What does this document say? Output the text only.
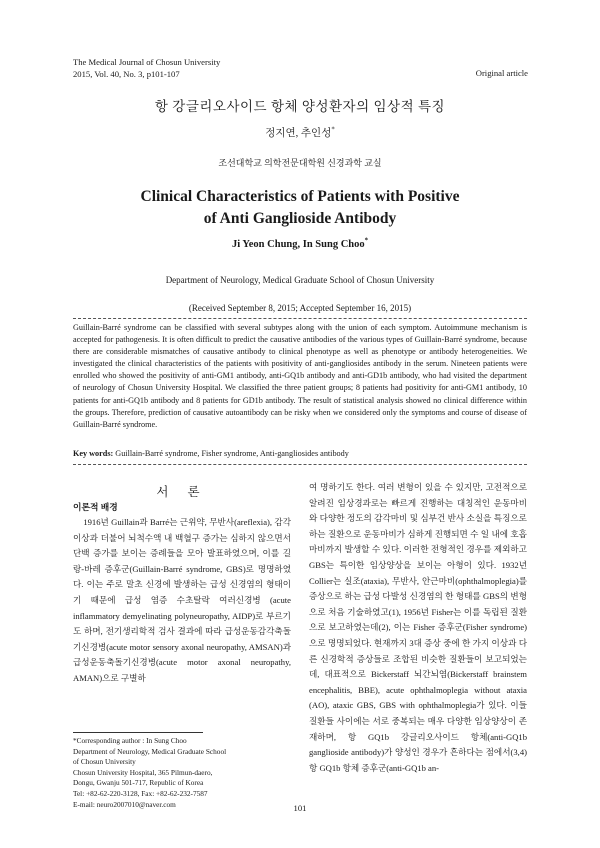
The Medical Journal of Chosun University
2015, Vol. 40, No. 3, p101-107	Original article
항 강글리오사이드 항체 양성환자의 임상적 특징
정지연, 추인성*
조선대학교 의학전문대학원 신경과학 교실
Clinical Characteristics of Patients with Positive
of Anti Ganglioside Antibody
Ji Yeon Chung, In Sung Choo*
Department of Neurology, Medical Graduate School of Chosun University
(Received September 8, 2015; Accepted September 16, 2015)

Guillain-Barré syndrome can be classified with several subtypes along with the union of each symptom. Autoimmune mechanism is accepted for pathogenesis. It is often difficult to predict the causative antibodies of the various types of Guillain-Barré syndrome, because there are considerable mismatches of causative antibody to clinical phenotype as well as phenotype or antibody heterogeneities. We investigated the clinical characteristics of the patients with positivity of anti-gangliosides antibody in the serum. Nineteen patients were enrolled who showed the positivity of anti-GM1 antibody, anti-GQ1b antibody and anti-GD1b antibody, who had visited the department of neurology of Chosun University Hospital. We classified the three patient groups; 8 patients had positivity for anti-GM1 antibody, 10 patients for anti-GQ1b antibody and 8 patients for GD1b antibody. The result of statistical analysis showed no clinical difference within the groups. Therefore, prediction of causative autoantibody can be risky when we considered only the symptoms and course of disease of Guillain-Barré syndrome.

Key words: Guillain-Barré syndrome, Fisher syndrome, Anti-gangliosides antibody
서 론
이론적 배경

1916년 Guillain과 Barré는 근위약, 무반사(areflexia), 감각이상과 더불어 뇌척수액 내 백혈구 증가는 심하지 않으면서 단백 증가를 보이는 증례들을 모아 발표하였으며, 이를 길랑-바레 증후군(Guillain-Barré syndrome, GBS)로 명명하였다. 이는 주로 말초 신경에 발생하는 급성 신경염의 형태이기 때문에 급성 염증 수초탈락 여러신경병 (acute inflammatory demyelinating polyneuropathy, AIDP)로 부르기도 하며, 전기생리학적 검사 결과에 따라 급성운동감각축돌기신경병(acute motor sensory axonal neuropathy, AMSAN)과 급성운동축돌기신경병(acute motor axonal neuropathy, AMAN)으로 구별하

여 명하기도 한다. 여러 변형이 있을 수 있지만, 고전적으로 알려진 임상경과로는 빠르게 진행하는 대칭적인 운동마비와 다양한 정도의 감각마비 및 심부건 반사 소실을 특징으로 하는 질환으로 운동마비가 심하게 진행되면 수 일 내에 호흡마비까지 발생할 수 있다. 이러한 전형적인 경우를 제외하고 GBS는 특이한 임상양상을 보이는 아형이 있다. 1932년 Collier는 실조(ataxia), 무반사, 안근마비(ophthalmoplegia)를 증상으로 하는 급성 다발성 신경염의 한 형태를 GBS의 변형으로 처음 기술하였고(1), 1956년 Fisher는 이를 독립된 질환으로 보고하였는데(2), 이는 Fisher 증후군(Fisher syndrome)으로 명명되었다. 현재까지 3대 증상 중에 한 가지 이상과 다른 신경학적 증상들로 조합된 비슷한 질환들이 보고되었는데, 대표적으로 Bickerstaff 뇌간뇌염(Bickerstaff brainstem encephalitis, BBE), acute ophthalmoplegia without ataxia (AO), ataxic GBS, GBS with ophthalmoplegia가 있다. 이들 질환들 사이에는 서로 중복되는 매우 다양한 임상양상이 존재하며, 항 GQ1b 강글리오사이드 항체(anti-GQ1b ganglioside antibody)가 양성인 경우가 흔하다는 점에서(3,4) 항 GQ1b 항체 증후군(anti-GQ1b an-

*Corresponding author : In Sung Choo
Department of Neurology, Medical Graduate School
of Chosun University
Chosun University Hospital, 365 Pilmun-daero,
Dongu, Gwanju 501-717, Republic of Korea
Tel: +82-62-220-3128, Fax: +82-62-232-7587
E-mail: neuro2007010@naver.com	101
